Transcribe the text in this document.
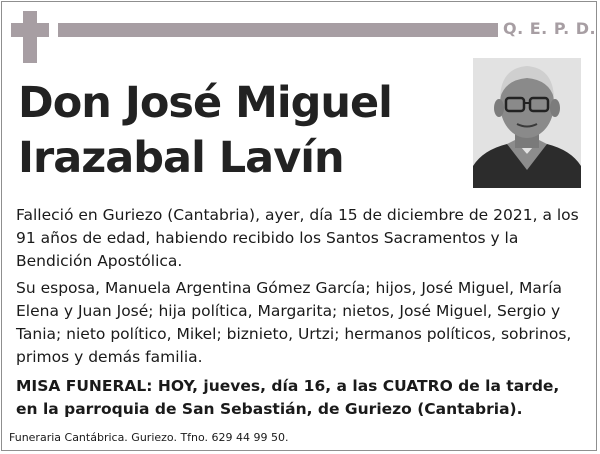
Q. E. P. D.
Don José Miguel
Irazabal Lavín

Falleció en Guriezo (Cantabria), ayer, día 15 de diciembre de 2021, a los 91 años de edad, habiendo recibido los Santos Sacramentos y la Bendición Apostólica.

Su esposa, Manuela Argentina Gómez García; hijos, José Miguel, María Elena y Juan José; hija política, Margarita; nietos, José Miguel, Sergio y Tania; nieto político, Mikel; biznieto, Urtzi; hermanos políticos, sobrinos, primos y demás familia.

MISA FUNERAL: HOY, jueves, día 16, a las CUATRO de la tarde, en la parroquia de San Sebastián, de Guriezo (Cantabria).

Funeraria Cantábrica. Guriezo. Tfno. 629 44 99 50.
